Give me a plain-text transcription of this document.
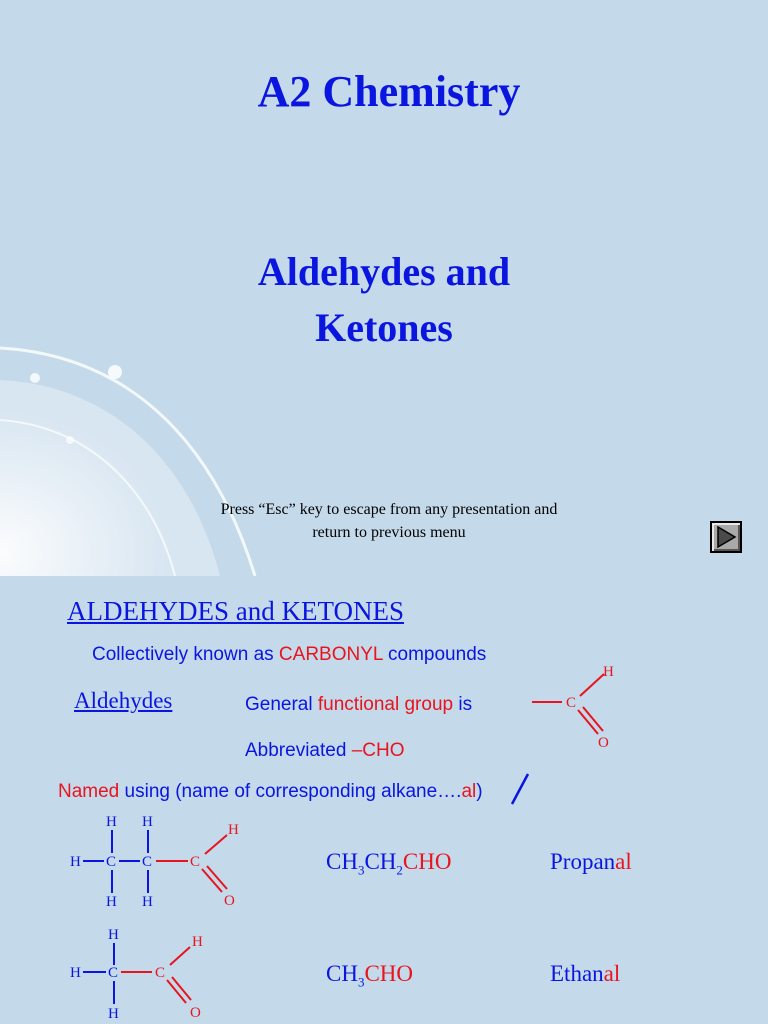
A2 Chemistry
Aldehydes and
Ketones
Press “Esc” key to escape from any presentation and
return to previous menu
ALDEHYDES and KETONES
Collectively known as CARBONYL compounds
Aldehydes	General functional group is
Abbreviated –CHO
Named using (name of corresponding alkane….al)
C
H
O
H H
H C C	C
H
O
H H
H
H C C
H
O
H
$CH_3CH_2CHO$	Propanal
$CH_3CHO$	Ethanal
